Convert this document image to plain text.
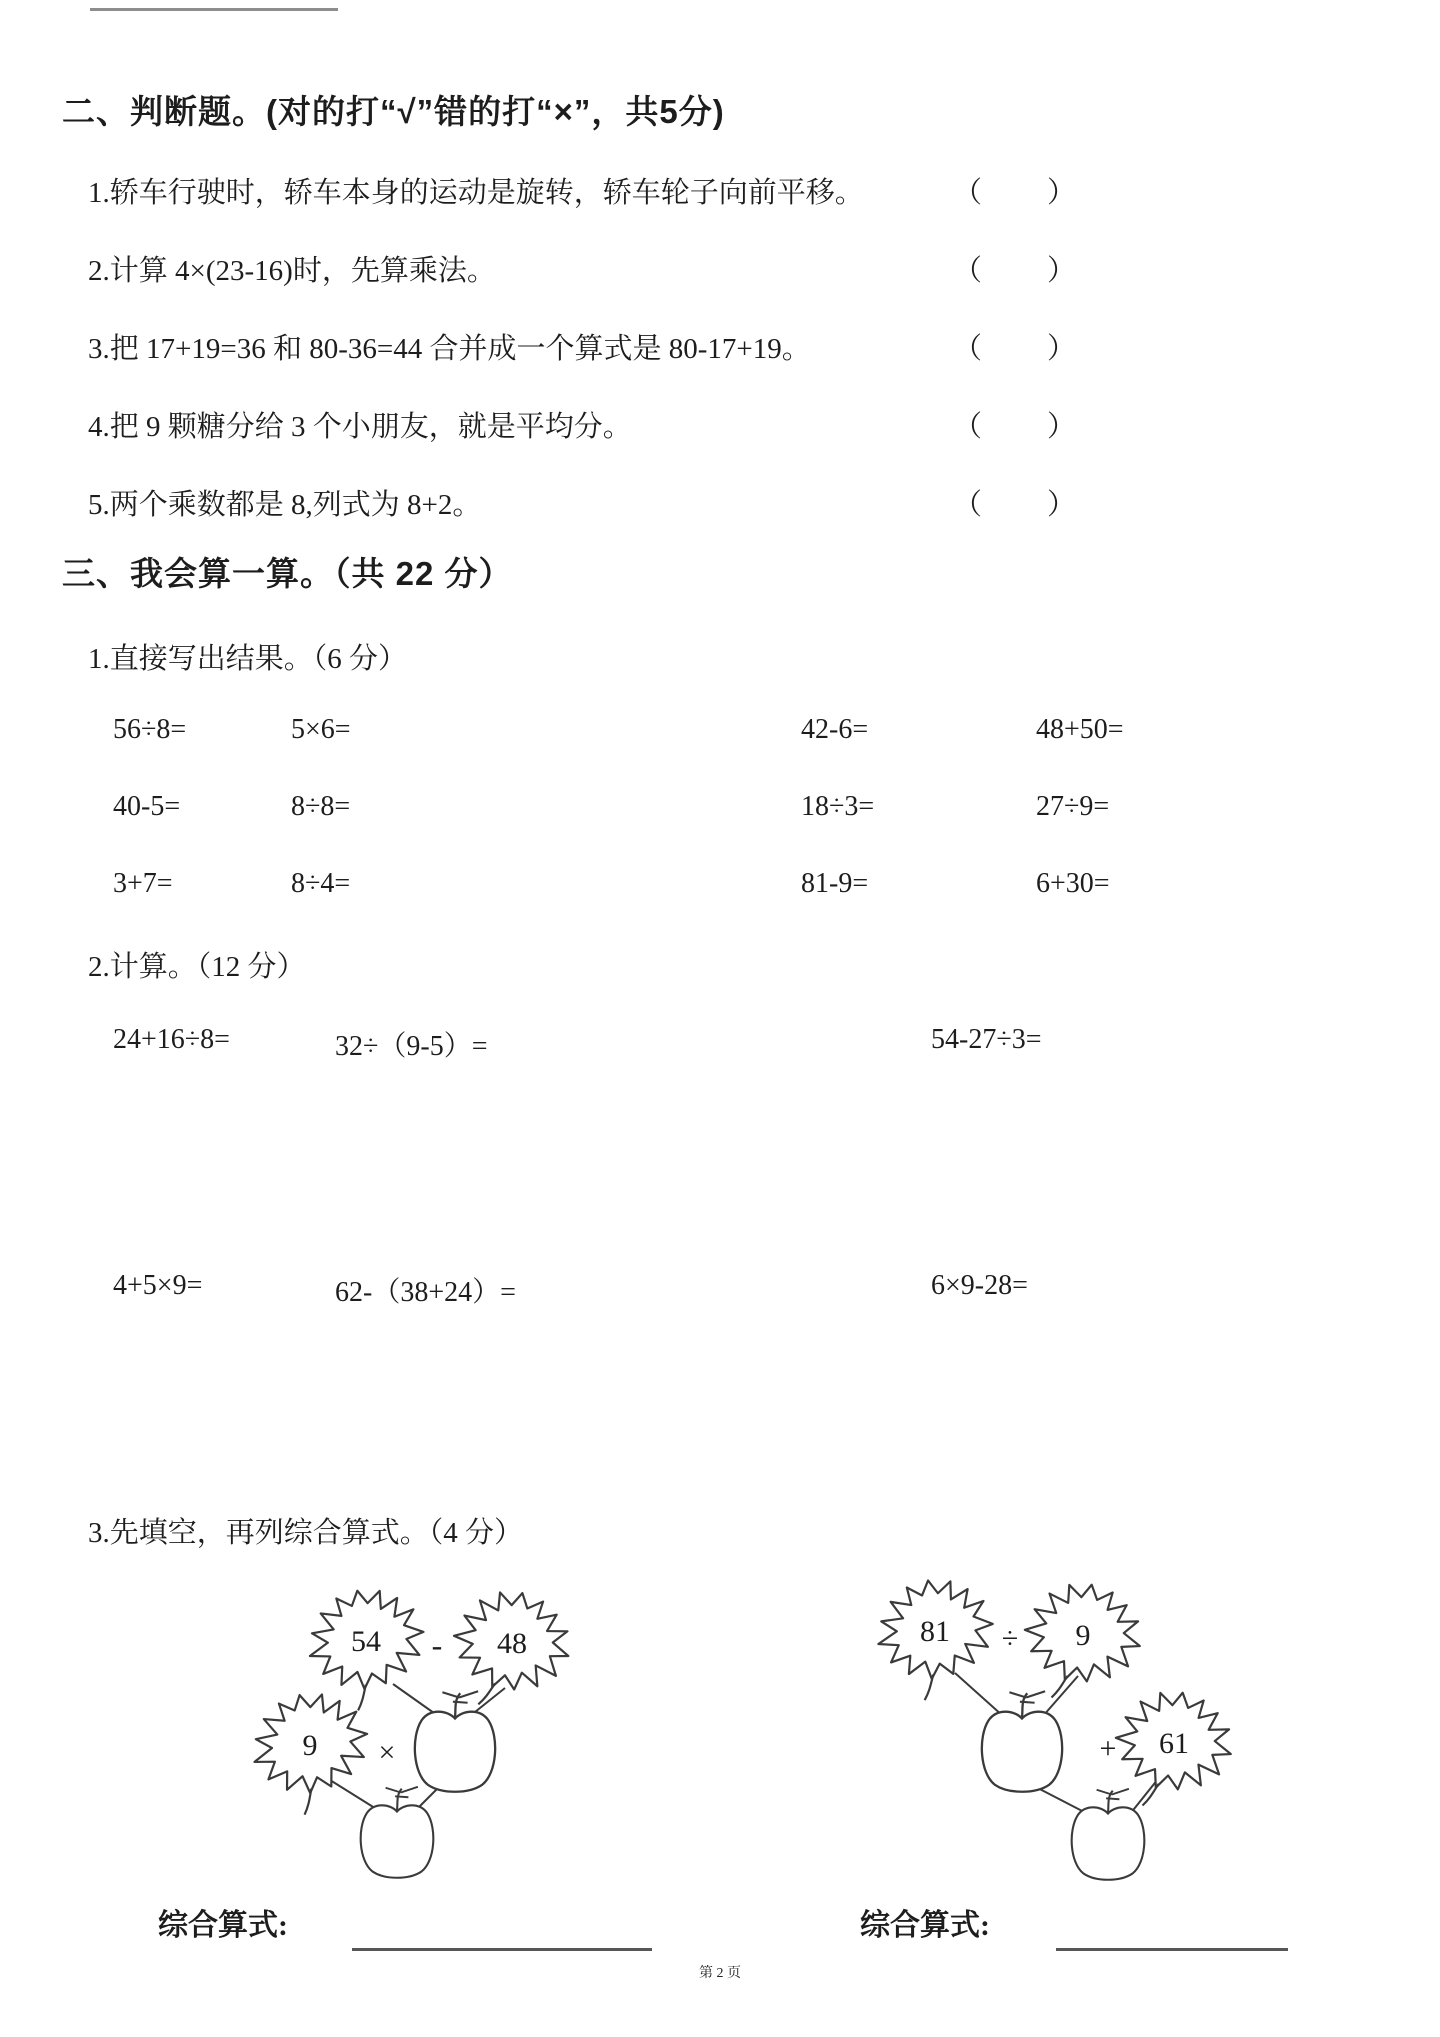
二、判断题。(对的打“√”错的打“×”，共5分)
1.轿车行驶时，轿车本身的运动是旋转，轿车轮子向前平移。	（　）
2.计算 4×(23-16)时，先算乘法。	（　）
3.把 17+19=36 和 80-36=44 合并成一个算式是 80-17+19。	（　）
4.把 9 颗糖分给 3 个小朋友，就是平均分。	（　）
5.两个乘数都是 8,列式为 8+2。	（　）
三、我会算一算。（共 22 分）
1.直接写出结果。（6 分）
56÷8=	5×6=	42-6=	48+50=
40-5=	8÷8=	18÷3=	27÷9=
3+7=	8÷4=	81-9=	6+30=
2.计算。（12 分）
24+16÷8=	32÷（9-5）=	54-27÷3=
4+5×9=	62-（38+24）=	6×9-28=
3.先填空，再列综合算式。（4 分）
54 - 48
9 ×
81 ÷ 9
+ 61
综合算式:	综合算式:
第 2 页
